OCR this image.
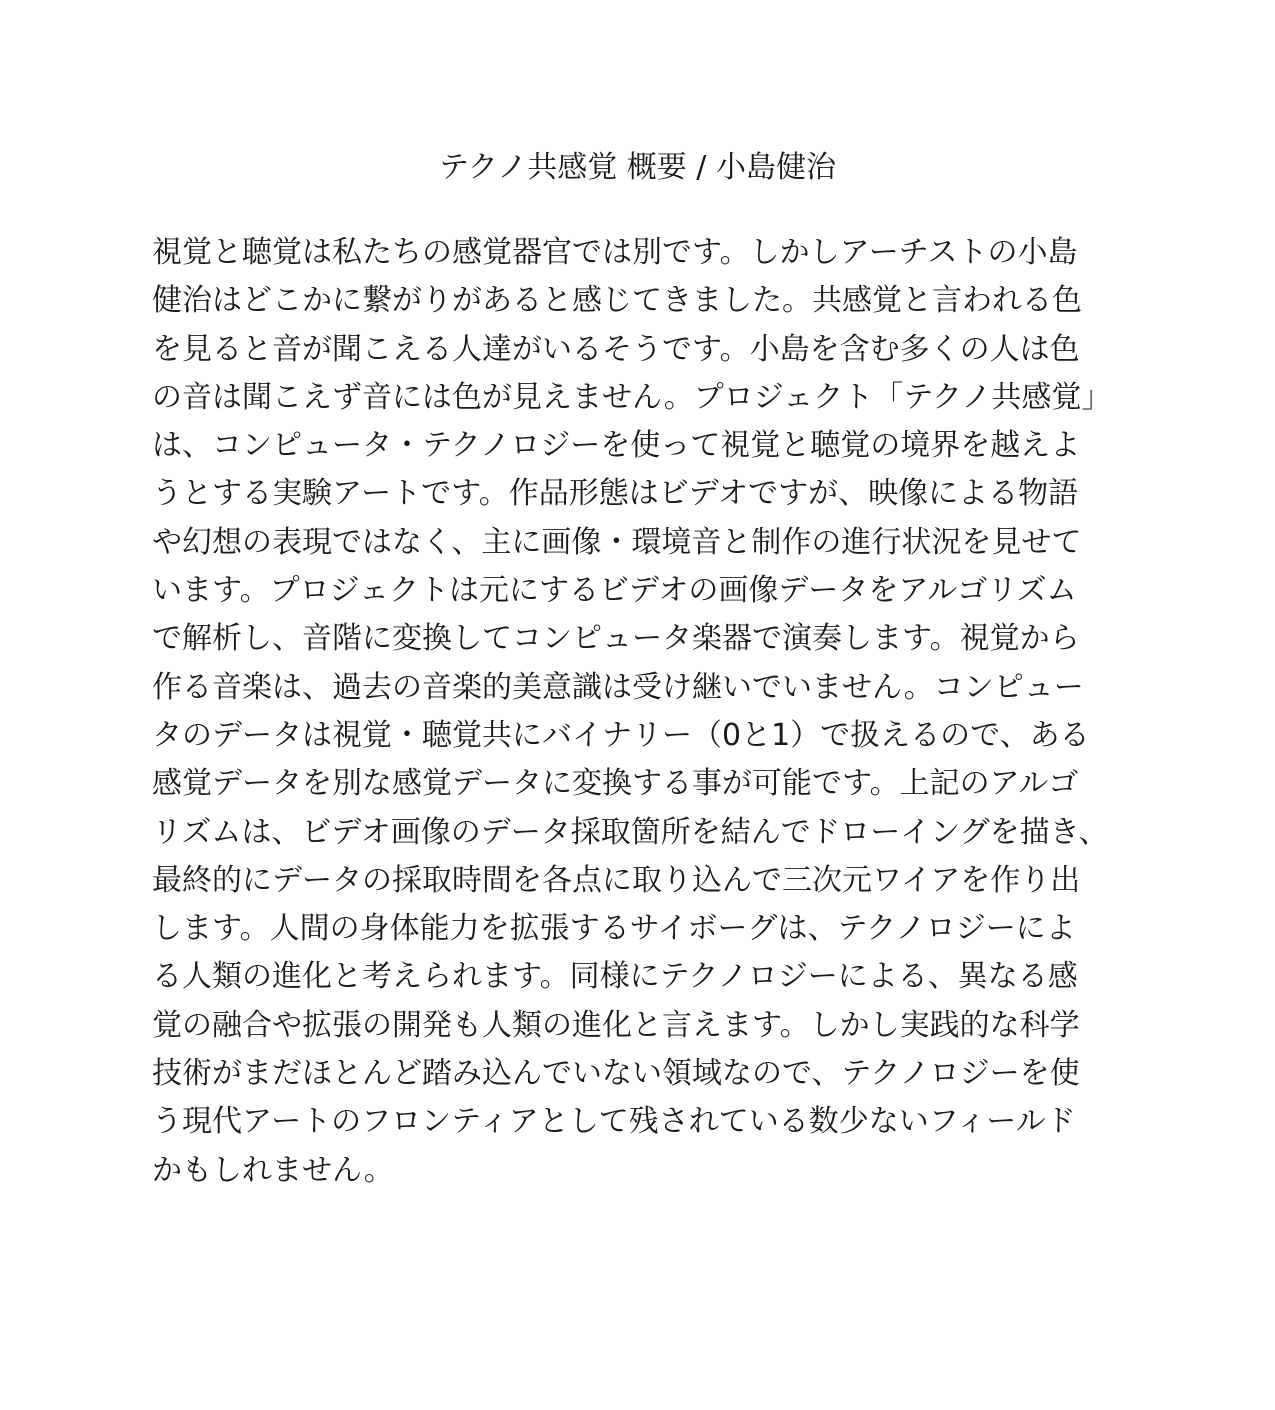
テクノ共感覚 概要 / 小島健治
視覚と聴覚は私たちの感覚器官では別です。しかしアーチストの小島
健治はどこかに繋がりがあると感じてきました。共感覚と言われる色
を見ると音が聞こえる人達がいるそうです。小島を含む多くの人は色
の音は聞こえず音には色が見えません。プロジェクト「テクノ共感覚」
は、コンピュータ・テクノロジーを使って視覚と聴覚の境界を越えよ
うとする実験アートです。作品形態はビデオですが、映像による物語
や幻想の表現ではなく、主に画像・環境音と制作の進行状況を見せて
います。プロジェクトは元にするビデオの画像データをアルゴリズム
で解析し、音階に変換してコンピュータ楽器で演奏します。視覚から
作る音楽は、過去の音楽的美意識は受け継いでいません。コンピュー
タのデータは視覚・聴覚共にバイナリー（0と1）で扱えるので、ある
感覚データを別な感覚データに変換する事が可能です。上記のアルゴ
リズムは、ビデオ画像のデータ採取箇所を結んでドローイングを描き、
最終的にデータの採取時間を各点に取り込んで三次元ワイアを作り出
します。人間の身体能力を拡張するサイボーグは、テクノロジーによ
る人類の進化と考えられます。同様にテクノロジーによる、異なる感
覚の融合や拡張の開発も人類の進化と言えます。しかし実践的な科学
技術がまだほとんど踏み込んでいない領域なので、テクノロジーを使
う現代アートのフロンティアとして残されている数少ないフィールド
かもしれません。
